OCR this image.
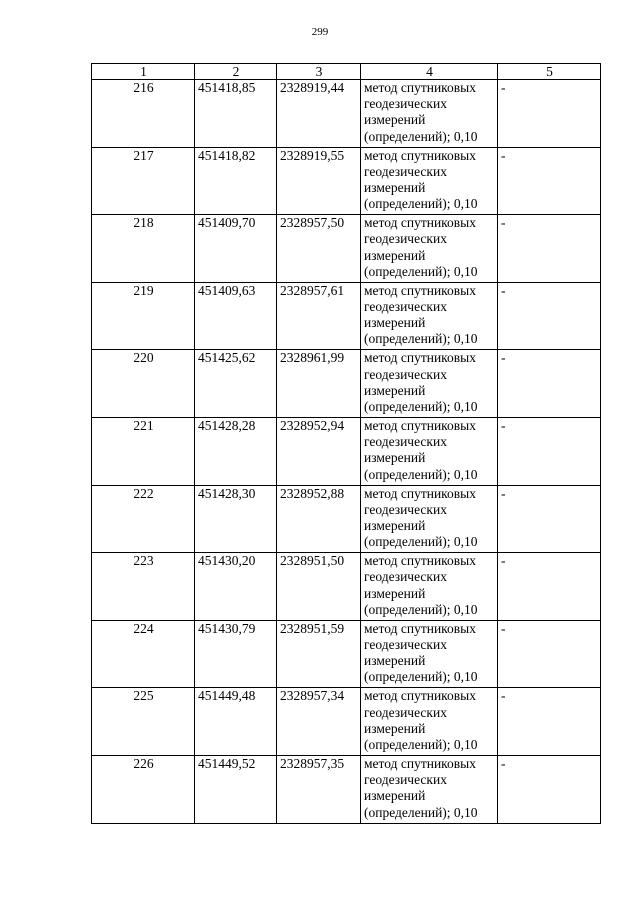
299
1	2	3	4	5
216	451418,85	2328919,44	метод спутниковых геодезических измерений (определений); 0,10	-
217	451418,82	2328919,55	метод спутниковых геодезических измерений (определений); 0,10	-
218	451409,70	2328957,50	метод спутниковых геодезических измерений (определений); 0,10	-
219	451409,63	2328957,61	метод спутниковых геодезических измерений (определений); 0,10	-
220	451425,62	2328961,99	метод спутниковых геодезических измерений (определений); 0,10	-
221	451428,28	2328952,94	метод спутниковых геодезических измерений (определений); 0,10	-
222	451428,30	2328952,88	метод спутниковых геодезических измерений (определений); 0,10	-
223	451430,20	2328951,50	метод спутниковых геодезических измерений (определений); 0,10	-
224	451430,79	2328951,59	метод спутниковых геодезических измерений (определений); 0,10	-
225	451449,48	2328957,34	метод спутниковых геодезических измерений (определений); 0,10	-
226	451449,52	2328957,35	метод спутниковых геодезических измерений (определений); 0,10	-
